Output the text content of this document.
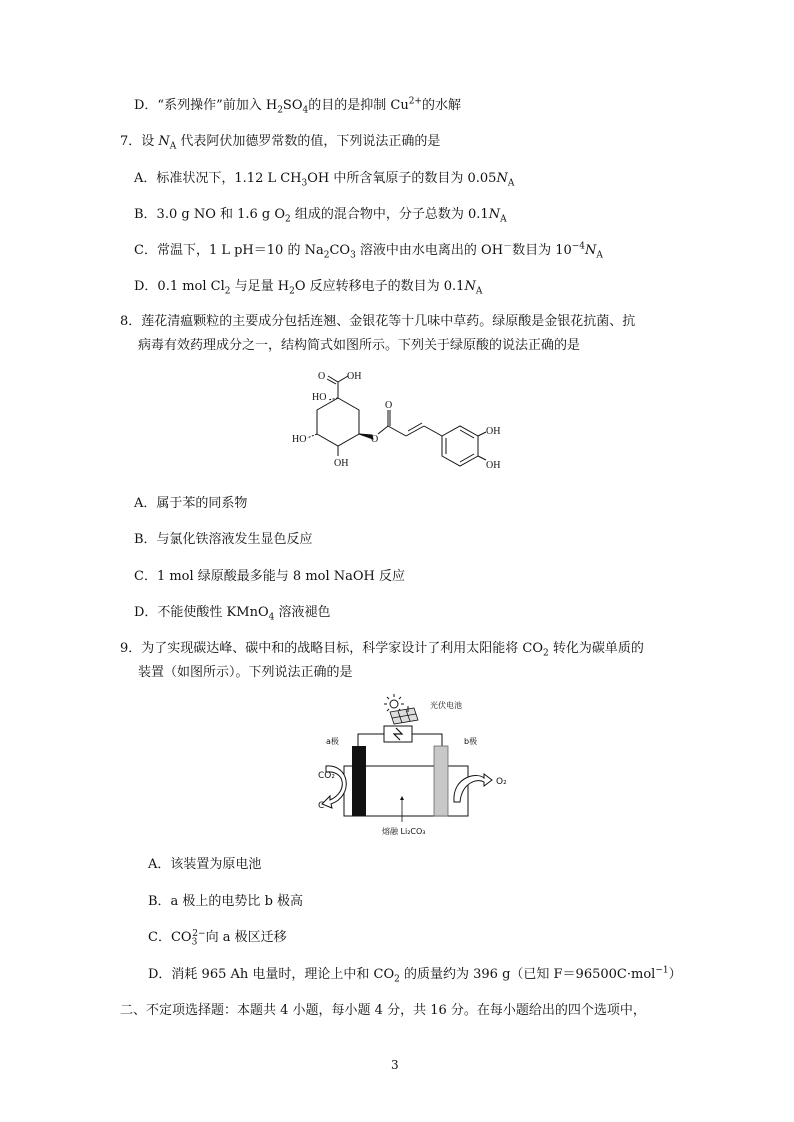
D．“系列操作”前加入 $H_2SO_4$的目的是抑制 $Cu^{2+}$的水解
7．设 $N_A$ 代表阿伏加德罗常数的值，下列说法正确的是
A．标准状况下，1.12 L $CH_3OH$ 中所含氧原子的数目为 $0.05N_A$
B．3.0 g NO 和 1.6 g $O_2$ 组成的混合物中，分子总数为 $0.1N_A$
C．常温下，1 L pH＝10 的 $Na_2CO_3$ 溶液中由水电离出的 OH－数目为 $10^{-4}N_A$
D．0.1 mol $Cl_2$ 与足量 $H_2O$ 反应转移电子的数目为 $0.1N_A$
8．莲花清瘟颗粒的主要成分包括连翘、金银花等十几味中草药。绿原酸是金银花抗菌、抗
病毒有效药理成分之一，结构简式如图所示。下列关于绿原酸的说法正确的是
O OH
HO
HO
OH
O
O
OH
OH
A．属于苯的同系物
B．与氯化铁溶液发生显色反应
C．1 mol 绿原酸最多能与 8 mol NaOH 反应
D．不能使酸性 KMnO$_4$ 溶液褪色
9．为了实现碳达峰、碳中和的战略目标，科学家设计了利用太阳能将 $CO_2$ 转化为碳单质的
装置（如图所示）。下列说法正确的是
光伏电池
a极	b极
CO₂
C
O₂
熔融 Li₂CO₃
A．该装置为原电池
B．a 极上的电势比 b 极高
C．$CO_3^{2-}$向 a 极区迁移
D．消耗 965 Ah 电量时，理论上中和 $CO_2$ 的质量约为 396 g（已知 F＝96500C·mol$^{-1}$）
二、不定项选择题：本题共 4 小题，每小题 4 分，共 16 分。在每小题给出的四个选项中，
3
